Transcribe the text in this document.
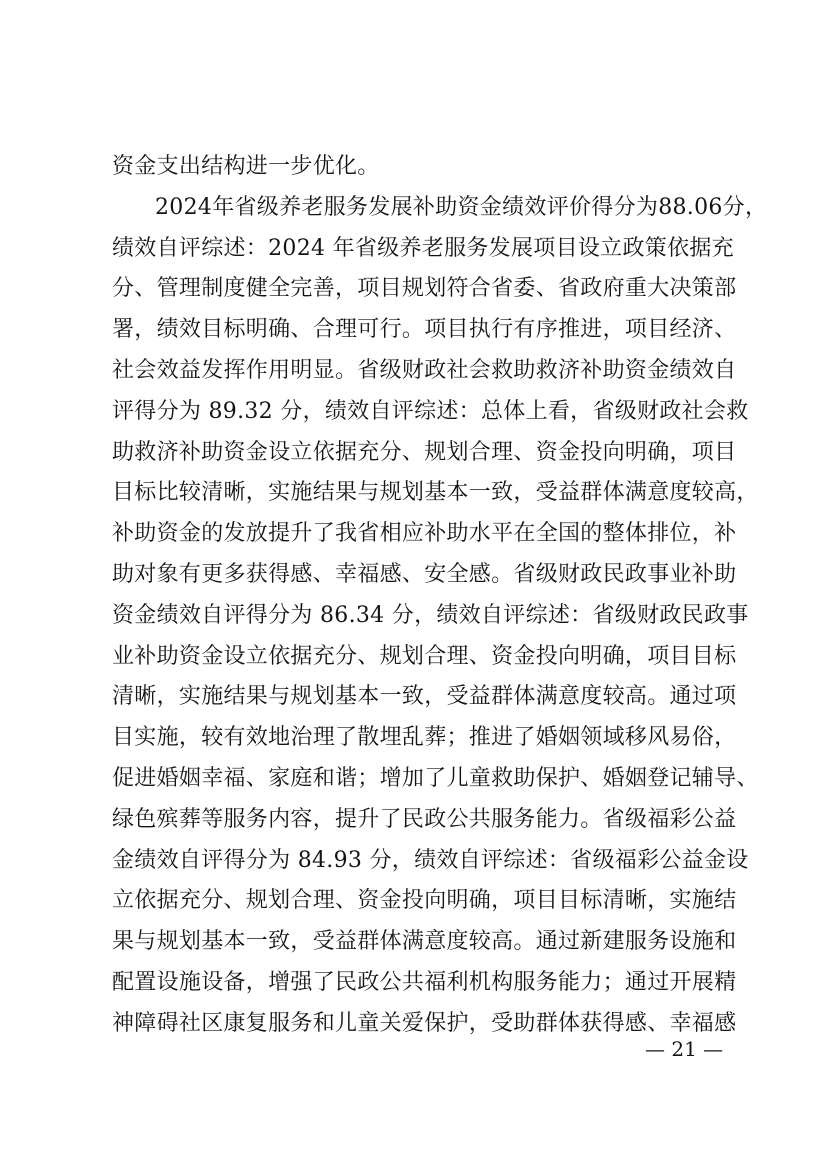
资金支出结构进一步优化。
2024年省级养老服务发展补助资金绩效评价得分为88.06分，
绩效自评综述：2024 年省级养老服务发展项目设立政策依据充
分、管理制度健全完善，项目规划符合省委、省政府重大决策部
署，绩效目标明确、合理可行。项目执行有序推进，项目经济、
社会效益发挥作用明显。省级财政社会救助救济补助资金绩效自
评得分为 89.32 分，绩效自评综述：总体上看，省级财政社会救
助救济补助资金设立依据充分、规划合理、资金投向明确，项目
目标比较清晰，实施结果与规划基本一致，受益群体满意度较高，
补助资金的发放提升了我省相应补助水平在全国的整体排位，补
助对象有更多获得感、幸福感、安全感。省级财政民政事业补助
资金绩效自评得分为 86.34 分，绩效自评综述：省级财政民政事
业补助资金设立依据充分、规划合理、资金投向明确，项目目标
清晰，实施结果与规划基本一致，受益群体满意度较高。通过项
目实施，较有效地治理了散埋乱葬；推进了婚姻领域移风易俗，
促进婚姻幸福、家庭和谐；增加了儿童救助保护、婚姻登记辅导、
绿色殡葬等服务内容，提升了民政公共服务能力。省级福彩公益
金绩效自评得分为 84.93 分，绩效自评综述：省级福彩公益金设
立依据充分、规划合理、资金投向明确，项目目标清晰，实施结
果与规划基本一致，受益群体满意度较高。通过新建服务设施和
配置设施设备，增强了民政公共福利机构服务能力；通过开展精
神障碍社区康复服务和儿童关爱保护，受助群体获得感、幸福感
— 21 —
